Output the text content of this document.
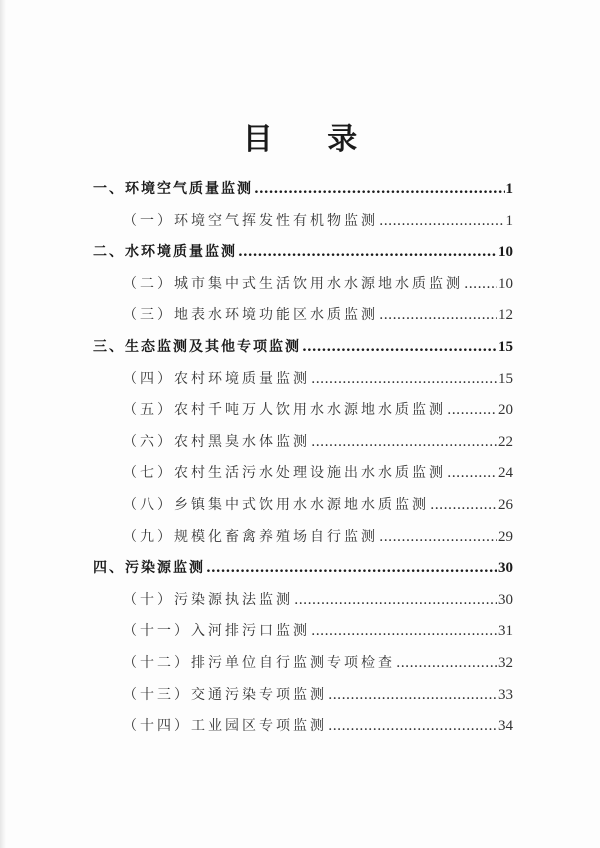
目 录
一、环境空气质量监测 .....	1
（一）环境空气挥发性有机物监测 .....	1
二、水环境质量监测 .....	10
（二）城市集中式生活饮用水水源地水质监测 ..... 10
（三）地表水环境功能区水质监测 .....	12
三、生态监测及其他专项监测 .....	15
（四）农村环境质量监测 .....	15
（五）农村千吨万人饮用水水源地水质监测 .....	20
（六）农村黑臭水体监测 .....	22
（七）农村生活污水处理设施出水水质监测 .....	24
（八）乡镇集中式饮用水水源地水质监测 .....	26
（九）规模化畜禽养殖场自行监测 .....	29
四、污染源监测 .....	30
（十）污染源执法监测 .....	30
（十一）入河排污口监测 .....	31
（十二）排污单位自行监测专项检查 .....	32
（十三）交通污染专项监测 .....	33
（十四）工业园区专项监测 .....	34
